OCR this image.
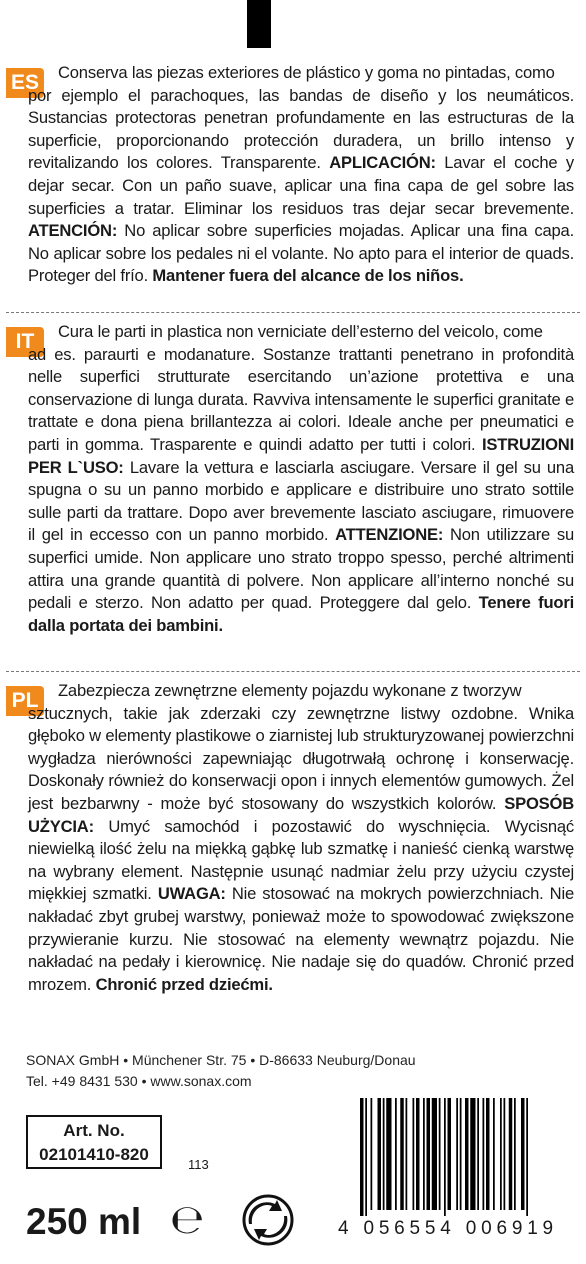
ES	Conserva las piezas exteriores de plástico y goma no pintadas, como
por ejemplo el parachoques, las bandas de diseño y los neumáticos. Sustancias protectoras penetran profundamente en las estructuras de la superficie, proporcionando protección duradera, un brillo intenso y revitalizando los colores. Transparente. APLICACIÓN: Lavar el coche y dejar secar. Con un paño suave, aplicar una fina capa de gel sobre las superficies a tratar. Eliminar los residuos tras dejar secar brevemente. ATENCIÓN: No aplicar sobre superficies mojadas. Aplicar una fina capa. No aplicar sobre los pedales ni el volante. No apto para el interior de quads. Proteger del frío. Mantener fuera del alcance de los niños.
IT	Cura le parti in plastica non verniciate dell’esterno del veicolo, come
ad es. paraurti e modanature. Sostanze trattanti penetrano in profondità nelle superfici strutturate esercitando un’azione protettiva e una conservazione di lunga durata. Ravviva intensamente le superfici granitate e trattate e dona piena brillantezza ai colori. Ideale anche per pneumatici e parti in gomma. Trasparente e quindi adatto per tutti i colori. ISTRUZIONI PER L`USO: Lavare la vettura e lasciarla asciugare. Versare il gel su una spugna o su un panno morbido e applicare e distribuire uno strato sottile sulle parti da trattare. Dopo aver brevemente lasciato asciugare, rimuovere il gel in eccesso con un panno morbido. ATTENZIONE: Non utilizzare su superfici umide. Non applicare uno strato troppo spesso, perché altrimenti attira una grande quantità di polvere. Non applicare all’interno nonché su pedali e sterzo. Non adatto per quad. Proteggere dal gelo. Tenere fuori dalla portata dei bambini.
PL	Zabezpiecza zewnętrzne elementy pojazdu wykonane z tworzyw
sztucznych, takie jak zderzaki czy zewnętrzne listwy ozdobne. Wnika głęboko w elementy plastikowe o ziarnistej lub strukturyzowanej powierzchni wygładza nierówności zapewniając długotrwałą ochronę i konserwację. Doskonały również do konserwacji opon i innych elementów gumowych. Żel jest bezbarwny - może być stosowany do wszystkich kolorów. SPOSÓB UŻYCIA: Umyć samochód i pozostawić do wyschnięcia. Wycisnąć niewielką ilość żelu na miękką gąbkę lub szmatkę i nanieść cienką warstwę na wybrany element. Następnie usunąć nadmiar żelu przy użyciu czystej miękkiej szmatki. UWAGA: Nie stosować na mokrych powierzchniach. Nie nakładać zbyt grubej warstwy, ponieważ może to spowodować zwiększone przywieranie kurzu. Nie stosować na elementy wewnątrz pojazdu. Nie nakładać na pedały i kierownicę. Nie nadaje się do quadów. Chronić przed mrozem. Chronić przed dziećmi.
SONAX GmbH • Münchener Str. 75 • D-86633 Neuburg/Donau
Tel. +49 8431 530 • www.sonax.com
Art. No.
02101410-820
113
250 ml ℮	4 056554 006919
